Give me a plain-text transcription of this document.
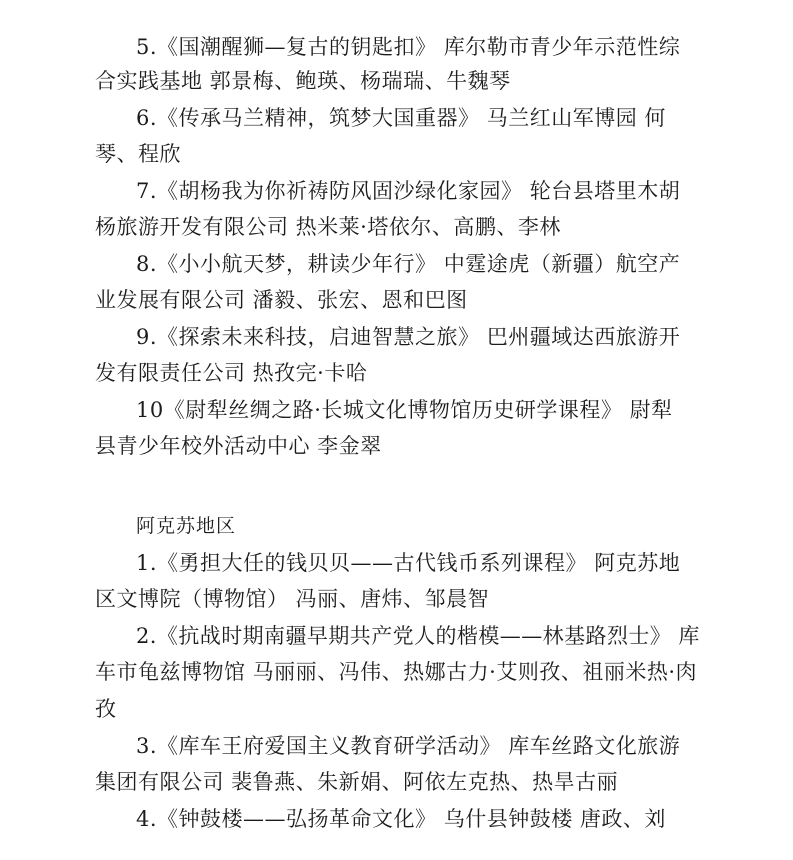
5.《国潮醒狮—复古的钥匙扣》 库尔勒市青少年示范性综
合实践基地 郭景梅、鲍瑛、杨瑞瑞、牛魏琴
6.《传承马兰精神，筑梦大国重器》 马兰红山军博园 何
琴、程欣
7.《胡杨我为你祈祷防风固沙绿化家园》 轮台县塔里木胡
杨旅游开发有限公司 热米莱·塔依尔、高鹏、李林
8.《小小航天梦，耕读少年行》 中霆途虎（新疆）航空产
业发展有限公司 潘毅、张宏、恩和巴图
9.《探索未来科技，启迪智慧之旅》 巴州疆域达西旅游开
发有限责任公司 热孜完·卡哈
10《尉犁丝绸之路·长城文化博物馆历史研学课程》 尉犁
县青少年校外活动中心 李金翠
阿克苏地区
1.《勇担大任的钱贝贝——古代钱币系列课程》 阿克苏地
区文博院（博物馆） 冯丽、唐炜、邹晨智
2.《抗战时期南疆早期共产党人的楷模——林基路烈士》 库
车市龟兹博物馆 马丽丽、冯伟、热娜古力·艾则孜、祖丽米热·肉
孜
3.《库车王府爱国主义教育研学活动》 库车丝路文化旅游
集团有限公司 裴鲁燕、朱新娟、阿依左克热、热旱古丽
4.《钟鼓楼——弘扬革命文化》 乌什县钟鼓楼 唐政、刘
